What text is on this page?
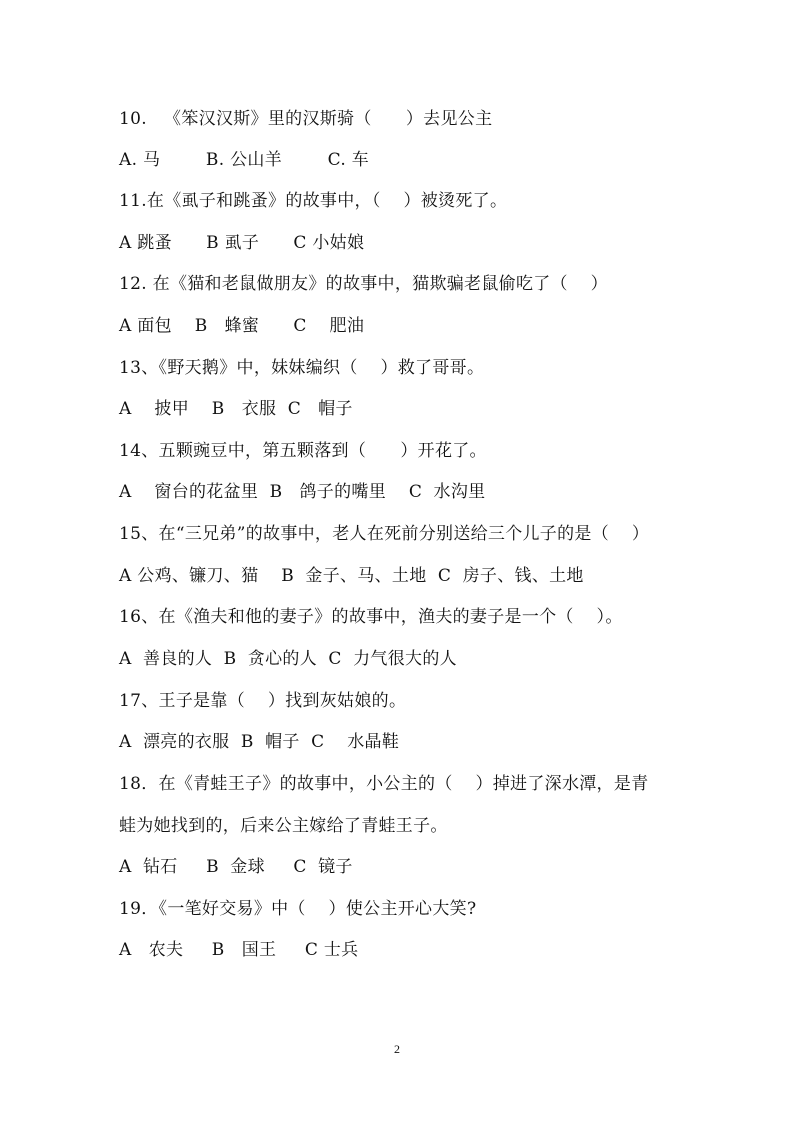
10.   《笨汉汉斯》里的汉斯骑（      ）去见公主
A. 马        B. 公山羊        C. 车
11.在《虱子和跳蚤》的故事中，（    ）被烫死了。
A 跳蚤      B 虱子      C 小姑娘
12. 在《猫和老鼠做朋友》的故事中，猫欺骗老鼠偷吃了（    ）
A 面包    B   蜂蜜      C    肥油
13、《野天鹅》中，妹妹编织（    ）救了哥哥。
A    披甲    B   衣服  C   帽子
14、五颗豌豆中，第五颗落到（      ）开花了。
A    窗台的花盆里  B   鸽子的嘴里    C  水沟里
15、在“三兄弟”的故事中，老人在死前分别送给三个儿子的是（    ）
A 公鸡、镰刀、猫    B  金子、马、土地  C  房子、钱、土地
16、在《渔夫和他的妻子》的故事中，渔夫的妻子是一个（    ）。
A  善良的人  B  贪心的人  C  力气很大的人
17、王子是靠（    ）找到灰姑娘的。
A  漂亮的衣服  B  帽子  C    水晶鞋
18．在《青蛙王子》的故事中，小公主的（    ）掉进了深水潭，是青
蛙为她找到的，后来公主嫁给了青蛙王子。
A  钻石     B  金球     C  镜子
19．《一笔好交易》中（    ）使公主开心大笑?
A   农夫     B   国王     C 士兵
2
